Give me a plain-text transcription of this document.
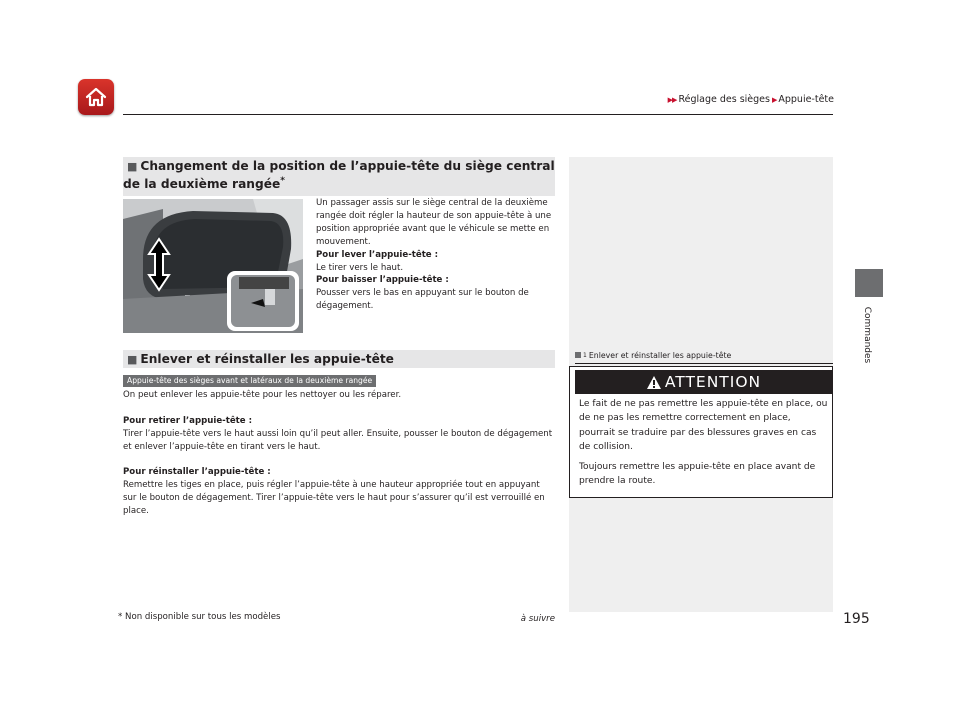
▶▶ Réglage des sièges ▶ Appuie-tête
Commandes
■ Changement de la position de l’appuie-tête du siège central de la deuxième rangée*
Un passager assis sur le siège central de la deuxième rangée doit régler la hauteur de son appuie-tête à une position appropriée avant que le véhicule se mette en mouvement.
Pour lever l’appuie-tête :
Le tirer vers le haut.
Pour baisser l’appuie-tête :
Pousser vers le bas en appuyant sur le bouton de dégagement.
■ Enlever et réinstaller les appuie-tête
Appuie-tête des sièges avant et latéraux de la deuxième rangée
On peut enlever les appuie-tête pour les nettoyer ou les réparer.
Pour retirer l’appuie-tête :
Tirer l’appuie-tête vers le haut aussi loin qu’il peut aller. Ensuite, pousser le bouton de dégagement et enlever l’appuie-tête en tirant vers le haut.
Pour réinstaller l’appuie-tête :
Remettre les tiges en place, puis régler l’appuie-tête à une hauteur appropriée tout en appuyant sur le bouton de dégagement. Tirer l’appuie-tête vers le haut pour s’assurer qu’il est verrouillé en place.
1 Enlever et réinstaller les appuie-tête
ATTENTION

Le fait de ne pas remettre les appuie-tête en place, ou de ne pas les remettre correctement en place, pourrait se traduire par des blessures graves en cas de collision.

Toujours remettre les appuie-tête en place avant de prendre la route.

* Non disponible sur tous les modèles	à suivre	195
